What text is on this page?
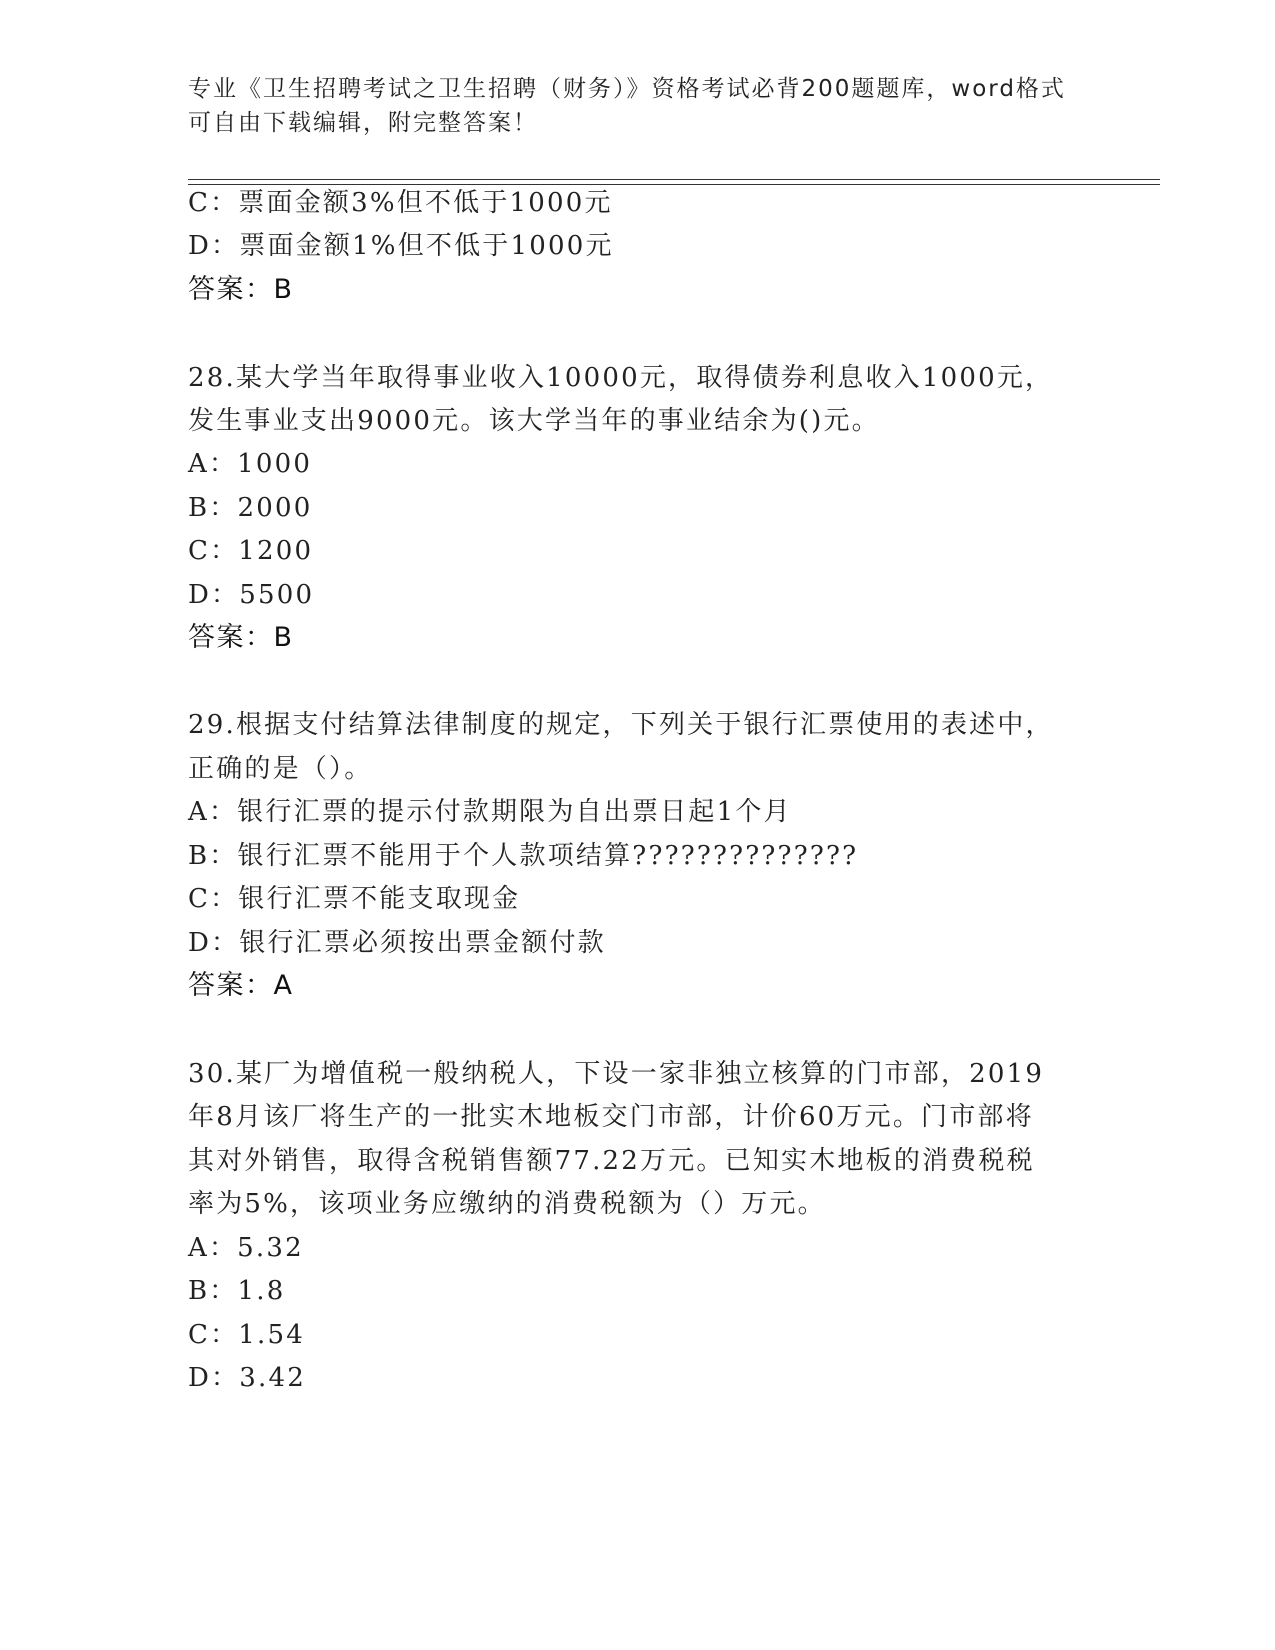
专业《卫生招聘考试之卫生招聘（财务）》资格考试必背200题题库，word格式
可自由下载编辑，附完整答案！
C：票面金额3%但不低于1000元
D：票面金额1%但不低于1000元
答案：B
28.某大学当年取得事业收入10000元，取得债券利息收入1000元，
发生事业支出9000元。该大学当年的事业结余为()元。
A：1000
B：2000
C：1200
D：5500
答案：B
29.根据支付结算法律制度的规定，下列关于银行汇票使用的表述中，
正确的是（）。
A：银行汇票的提示付款期限为自出票日起1个月
B：银行汇票不能用于个人款项结算??????????????
C：银行汇票不能支取现金
D：银行汇票必须按出票金额付款
答案：A
30.某厂为增值税一般纳税人，下设一家非独立核算的门市部，2019
年8月该厂将生产的一批实木地板交门市部，计价60万元。门市部将
其对外销售，取得含税销售额77.22万元。已知实木地板的消费税税
率为5%，该项业务应缴纳的消费税额为（）万元。
A：5.32
B：1.8
C：1.54
D：3.42
